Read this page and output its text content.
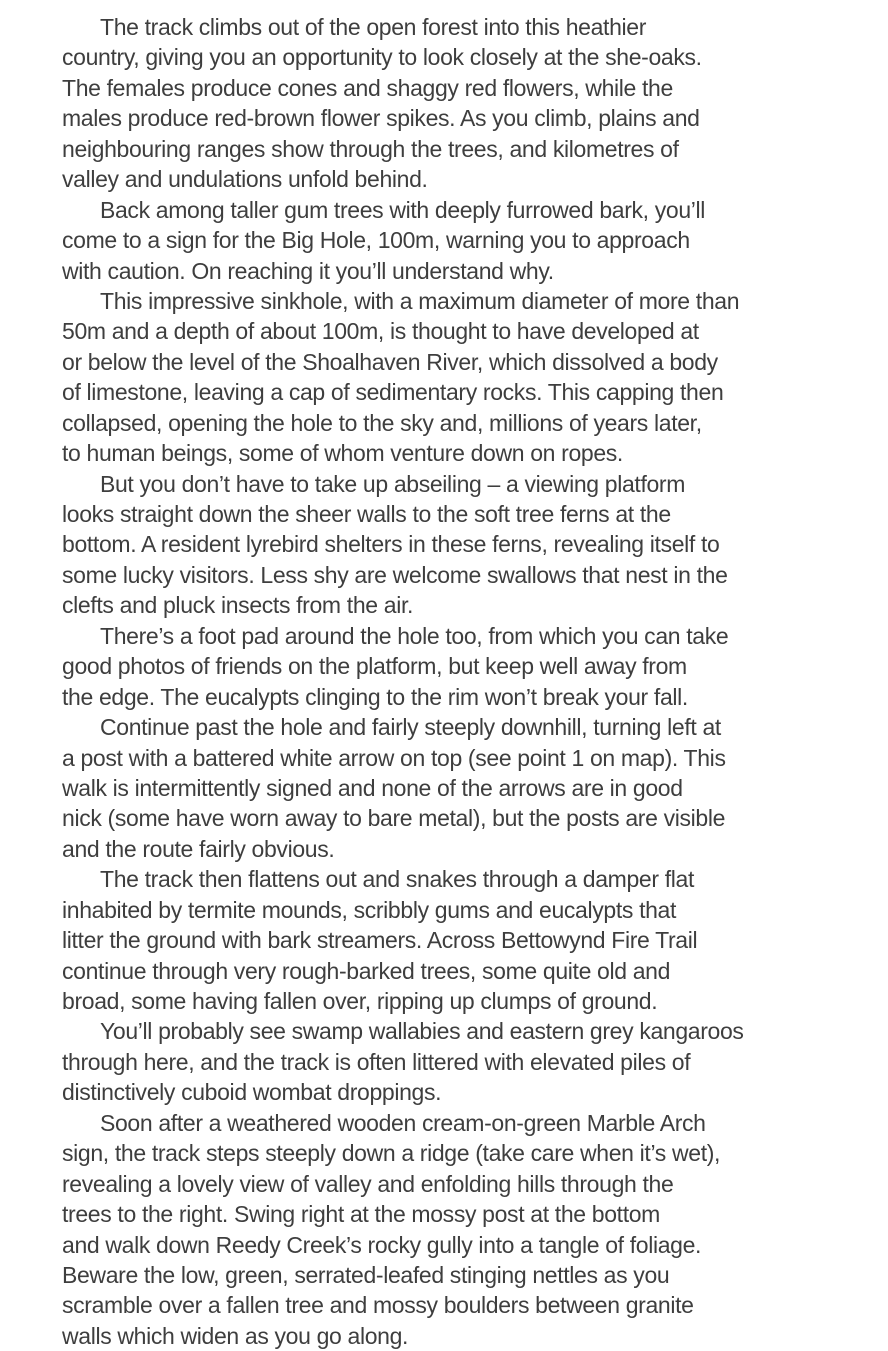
The track climbs out of the open forest into this heathier
country, giving you an opportunity to look closely at the she-oaks.
The females produce cones and shaggy red flowers, while the
males produce red-brown flower spikes. As you climb, plains and
neighbouring ranges show through the trees, and kilometres of
valley and undulations unfold behind.
Back among taller gum trees with deeply furrowed bark, you’ll
come to a sign for the Big Hole, 100m, warning you to approach
with caution. On reaching it you’ll understand why.
This impressive sinkhole, with a maximum diameter of more than
50m and a depth of about 100m, is thought to have developed at
or below the level of the Shoalhaven River, which dissolved a body
of limestone, leaving a cap of sedimentary rocks. This capping then
collapsed, opening the hole to the sky and, millions of years later,
to human beings, some of whom venture down on ropes.
But you don’t have to take up abseiling – a viewing platform
looks straight down the sheer walls to the soft tree ferns at the
bottom. A resident lyrebird shelters in these ferns, revealing itself to
some lucky visitors. Less shy are welcome swallows that nest in the
clefts and pluck insects from the air.
There’s a foot pad around the hole too, from which you can take
good photos of friends on the platform, but keep well away from
the edge. The eucalypts clinging to the rim won’t break your fall.
Continue past the hole and fairly steeply downhill, turning left at
a post with a battered white arrow on top (see point 1 on map). This
walk is intermittently signed and none of the arrows are in good
nick (some have worn away to bare metal), but the posts are visible
and the route fairly obvious.
The track then flattens out and snakes through a damper flat
inhabited by termite mounds, scribbly gums and eucalypts that
litter the ground with bark streamers. Across Bettowynd Fire Trail
continue through very rough-barked trees, some quite old and
broad, some having fallen over, ripping up clumps of ground.
You’ll probably see swamp wallabies and eastern grey kangaroos
through here, and the track is often littered with elevated piles of
distinctively cuboid wombat droppings.
Soon after a weathered wooden cream-on-green Marble Arch
sign, the track steps steeply down a ridge (take care when it’s wet),
revealing a lovely view of valley and enfolding hills through the
trees to the right. Swing right at the mossy post at the bottom
and walk down Reedy Creek’s rocky gully into a tangle of foliage.
Beware the low, green, serrated-leafed stinging nettles as you
scramble over a fallen tree and mossy boulders between granite
walls which widen as you go along.
